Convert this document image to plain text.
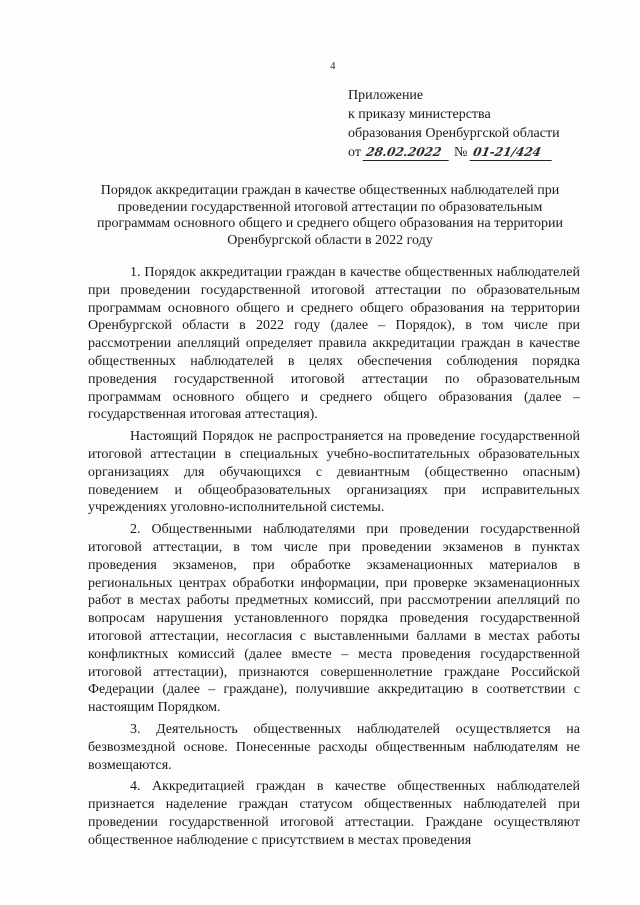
4
Приложение
к приказу министерства
образования Оренбургской области
от 28.02.2022 № 01-21/424
Порядок аккредитации граждан в качестве общественных наблюдателей при проведении государственной итоговой аттестации по образовательным программам основного общего и среднего общего образования на территории Оренбургской области в 2022 году

1. Порядок аккредитации граждан в качестве общественных наблюдателей при проведении государственной итоговой аттестации по образовательным программам основного общего и среднего общего образования на территории Оренбургской области в 2022 году (далее – Порядок), в том числе при рассмотрении апелляций определяет правила аккредитации граждан в качестве общественных наблюдателей в целях обеспечения соблюдения порядка проведения государственной итоговой аттестации по образовательным программам основного общего и среднего общего образования (далее – государственная итоговая аттестация).

Настоящий Порядок не распространяется на проведение государственной итоговой аттестации в специальных учебно-воспитательных образовательных организациях для обучающихся с девиантным (общественно опасным) поведением и общеобразовательных организациях при исправительных учреждениях уголовно-исполнительной системы.

2. Общественными наблюдателями при проведении государственной итоговой аттестации, в том числе при проведении экзаменов в пунктах проведения экзаменов, при обработке экзаменационных материалов в региональных центрах обработки информации, при проверке экзаменационных работ в местах работы предметных комиссий, при рассмотрении апелляций по вопросам нарушения установленного порядка проведения государственной итоговой аттестации, несогласия с выставленными баллами в местах работы конфликтных комиссий (далее вместе – места проведения государственной итоговой аттестации), признаются совершеннолетние граждане Российской Федерации (далее – граждане), получившие аккредитацию в соответствии с настоящим Порядком.

3. Деятельность общественных наблюдателей осуществляется на безвозмездной основе. Понесенные расходы общественным наблюдателям не возмещаются.

4. Аккредитацией граждан в качестве общественных наблюдателей признается наделение граждан статусом общественных наблюдателей при проведении государственной итоговой аттестации. Граждане осуществляют общественное наблюдение с присутствием в местах проведения
